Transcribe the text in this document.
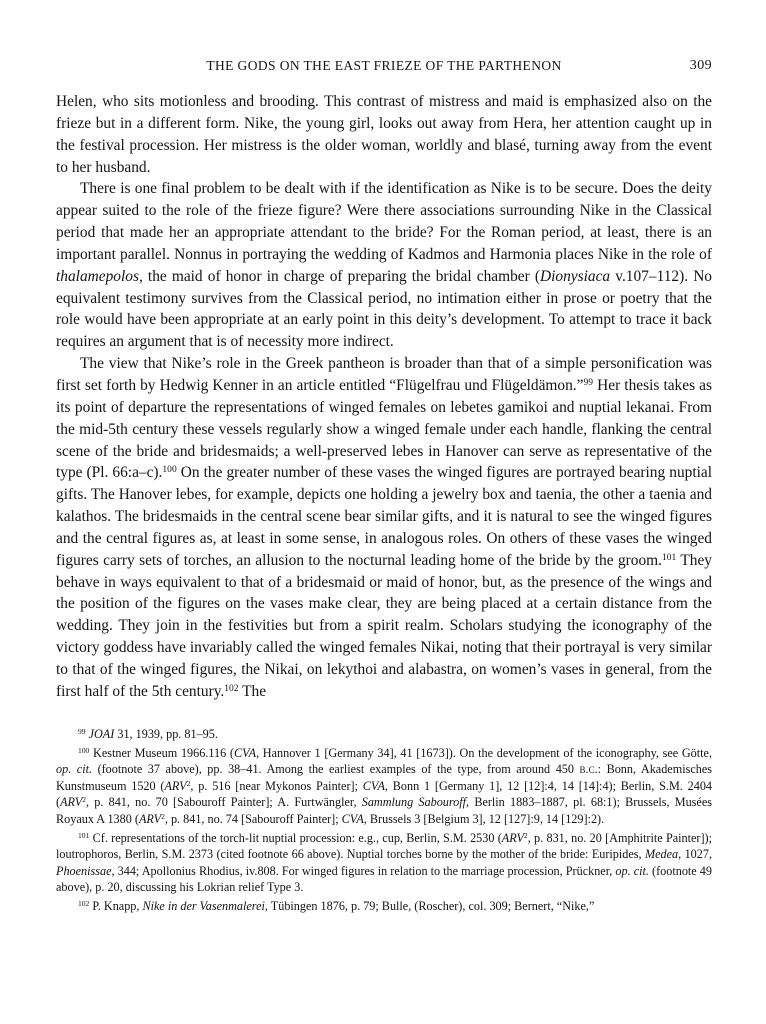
THE GODS ON THE EAST FRIEZE OF THE PARTHENON	309

Helen, who sits motionless and brooding. This contrast of mistress and maid is emphasized also on the frieze but in a different form. Nike, the young girl, looks out away from Hera, her attention caught up in the festival procession. Her mistress is the older woman, worldly and blasé, turning away from the event to her husband.

There is one final problem to be dealt with if the identification as Nike is to be secure. Does the deity appear suited to the role of the frieze figure? Were there associations surrounding Nike in the Classical period that made her an appropriate attendant to the bride? For the Roman period, at least, there is an important parallel. Nonnus in portraying the wedding of Kadmos and Harmonia places Nike in the role of thalamepolos, the maid of honor in charge of preparing the bridal chamber (Dionysiaca v.107–112). No equivalent testimony survives from the Classical period, no intimation either in prose or poetry that the role would have been appropriate at an early point in this deity’s development. To attempt to trace it back requires an argument that is of necessity more indirect.

The view that Nike’s role in the Greek pantheon is broader than that of a simple personification was first set forth by Hedwig Kenner in an article entitled “Flügelfrau und Flügeldämon.”$^{99}$ Her thesis takes as its point of departure the representations of winged females on lebetes gamikoi and nuptial lekanai. From the mid-5th century these vessels regularly show a winged female under each handle, flanking the central scene of the bride and bridesmaids; a well-preserved lebes in Hanover can serve as representative of the type (Pl. 66:a–c).$^{100}$ On the greater number of these vases the winged figures are portrayed bearing nuptial gifts. The Hanover lebes, for example, depicts one holding a jewelry box and taenia, the other a taenia and kalathos. The bridesmaids in the central scene bear similar gifts, and it is natural to see the winged figures and the central figures as, at least in some sense, in analogous roles. On others of these vases the winged figures carry sets of torches, an allusion to the nocturnal leading home of the bride by the groom.$^{101}$ They behave in ways equivalent to that of a bridesmaid or maid of honor, but, as the presence of the wings and the position of the figures on the vases make clear, they are being placed at a certain distance from the wedding. They join in the festivities but from a spirit realm. Scholars studying the iconography of the victory goddess have invariably called the winged females Nikai, noting that their portrayal is very similar to that of the winged figures, the Nikai, on lekythoi and alabastra, on women’s vases in general, from the first half of the 5th century.$^{102}$ The

$^{99}$ JOAI 31, 1939, pp. 81–95.

$^{100}$ Kestner Museum 1966.116 (CVA, Hannover 1 [Germany 34], 41 [1673]). On the development of the iconography, see Götte, op. cit. (footnote 37 above), pp. 38–41. Among the earliest examples of the type, from around 450 b.c.: Bonn, Akademisches Kunstmuseum 1520 (ARV$^2$, p. 516 [near Mykonos Painter]; CVA, Bonn 1 [Germany 1], 12 [12]:4, 14 [14]:4); Berlin, S.M. 2404 (ARV$^2$, p. 841, no. 70 [Sabouroff Painter]; A. Furtwängler, Sammlung Sabouroff, Berlin 1883–1887, pl. 68:1); Brussels, Musées Royaux A 1380 (ARV$^2$, p. 841, no. 74 [Sabouroff Painter]; CVA, Brussels 3 [Belgium 3], 12 [127]:9, 14 [129]:2).

$^{101}$ Cf. representations of the torch-lit nuptial procession: e.g., cup, Berlin, S.M. 2530 (ARV$^2$, p. 831, no. 20 [Amphitrite Painter]); loutrophoros, Berlin, S.M. 2373 (cited footnote 66 above). Nuptial torches borne by the mother of the bride: Euripides, Medea, 1027, Phoenissae, 344; Apollonius Rhodius, iv.808. For winged figures in relation to the marriage procession, Prückner, op. cit. (footnote 49 above), p. 20, discussing his Lokrian relief Type 3.

$^{102}$ P. Knapp, Nike in der Vasenmalerei, Tübingen 1876, p. 79; Bulle, (Roscher), col. 309; Bernert, “Nike,”
